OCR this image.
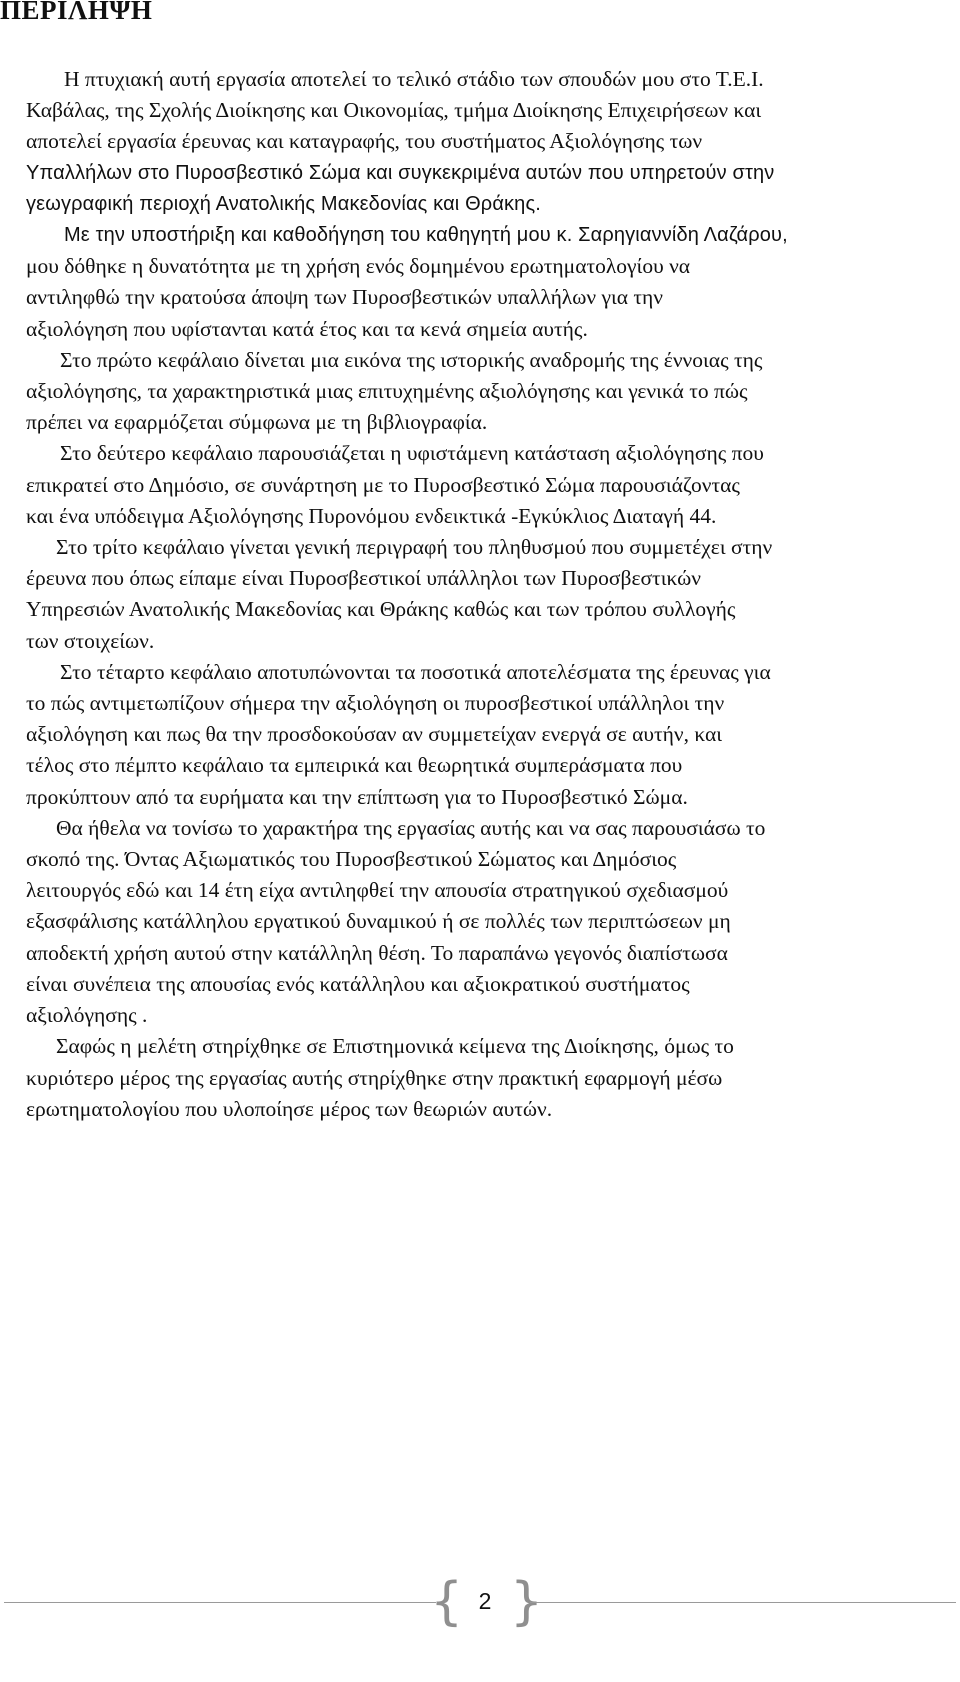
ΠΕΡΙΛΗΨΗ

Η πτυχιακή αυτή εργασία αποτελεί το τελικό στάδιο των σπουδών μου στο Τ.Ε.Ι.
Καβάλας, της Σχολής Διοίκησης και Οικονομίας, τμήμα Διοίκησης Επιχειρήσεων και
αποτελεί εργασία έρευνας και καταγραφής, του συστήματος Αξιολόγησης των
Υπαλλήλων στο Πυροσβεστικό Σώμα και συγκεκριμένα αυτών που υπηρετούν στην
γεωγραφική περιοχή Ανατολικής Μακεδονίας και Θράκης.

Με την υποστήριξη και καθοδήγηση του καθηγητή μου κ. Σαρηγιαννίδη Λαζάρου,
μου δόθηκε η δυνατότητα με τη χρήση ενός δομημένου ερωτηματολογίου να
αντιληφθώ την κρατούσα άποψη των Πυροσβεστικών υπαλλήλων για την
αξιολόγηση που υφίστανται κατά έτος και τα κενά σημεία αυτής.

Στο πρώτο κεφάλαιο δίνεται μια εικόνα της ιστορικής αναδρομής της έννοιας της
αξιολόγησης, τα χαρακτηριστικά μιας επιτυχημένης αξιολόγησης και γενικά το πώς
πρέπει να εφαρμόζεται σύμφωνα με τη βιβλιογραφία.

Στο δεύτερο κεφάλαιο παρουσιάζεται η υφιστάμενη κατάσταση αξιολόγησης που
επικρατεί στο Δημόσιο, σε συνάρτηση με το Πυροσβεστικό Σώμα παρουσιάζοντας
και ένα υπόδειγμα Αξιολόγησης Πυρονόμου ενδεικτικά -Εγκύκλιος Διαταγή 44.

Στο τρίτο κεφάλαιο γίνεται γενική περιγραφή του πληθυσμού που συμμετέχει στην
έρευνα που όπως είπαμε είναι Πυροσβεστικοί υπάλληλοι των Πυροσβεστικών
Υπηρεσιών Ανατολικής Μακεδονίας και Θράκης καθώς και των τρόπου συλλογής
των στοιχείων.

Στο τέταρτο κεφάλαιο αποτυπώνονται τα ποσοτικά αποτελέσματα της έρευνας για
το πώς αντιμετωπίζουν σήμερα την αξιολόγηση οι πυροσβεστικοί υπάλληλοι την
αξιολόγηση και πως θα την προσδοκούσαν αν συμμετείχαν ενεργά σε αυτήν, και
τέλος στο πέμπτο κεφάλαιο τα εμπειρικά και θεωρητικά συμπεράσματα που
προκύπτουν από τα ευρήματα και την επίπτωση για το Πυροσβεστικό Σώμα.

Θα ήθελα να τονίσω το χαρακτήρα της εργασίας αυτής και να σας παρουσιάσω το
σκοπό της. Όντας Αξιωματικός του Πυροσβεστικού Σώματος και Δημόσιος
λειτουργός εδώ και 14 έτη είχα αντιληφθεί την απουσία στρατηγικού σχεδιασμού
εξασφάλισης κατάλληλου εργατικού δυναμικού ή σε πολλές των περιπτώσεων μη
αποδεκτή χρήση αυτού στην κατάλληλη θέση. Το παραπάνω γεγονός διαπίστωσα
είναι συνέπεια της απουσίας ενός κατάλληλου και αξιοκρατικού συστήματος
αξιολόγησης .

Σαφώς η μελέτη στηρίχθηκε σε Επιστημονικά κείμενα της Διοίκησης, όμως το
κυριότερο μέρος της εργασίας αυτής στηρίχθηκε στην πρακτική εφαρμογή μέσω
ερωτηματολογίου που υλοποίησε μέρος των θεωριών αυτών.

{ 2 }
